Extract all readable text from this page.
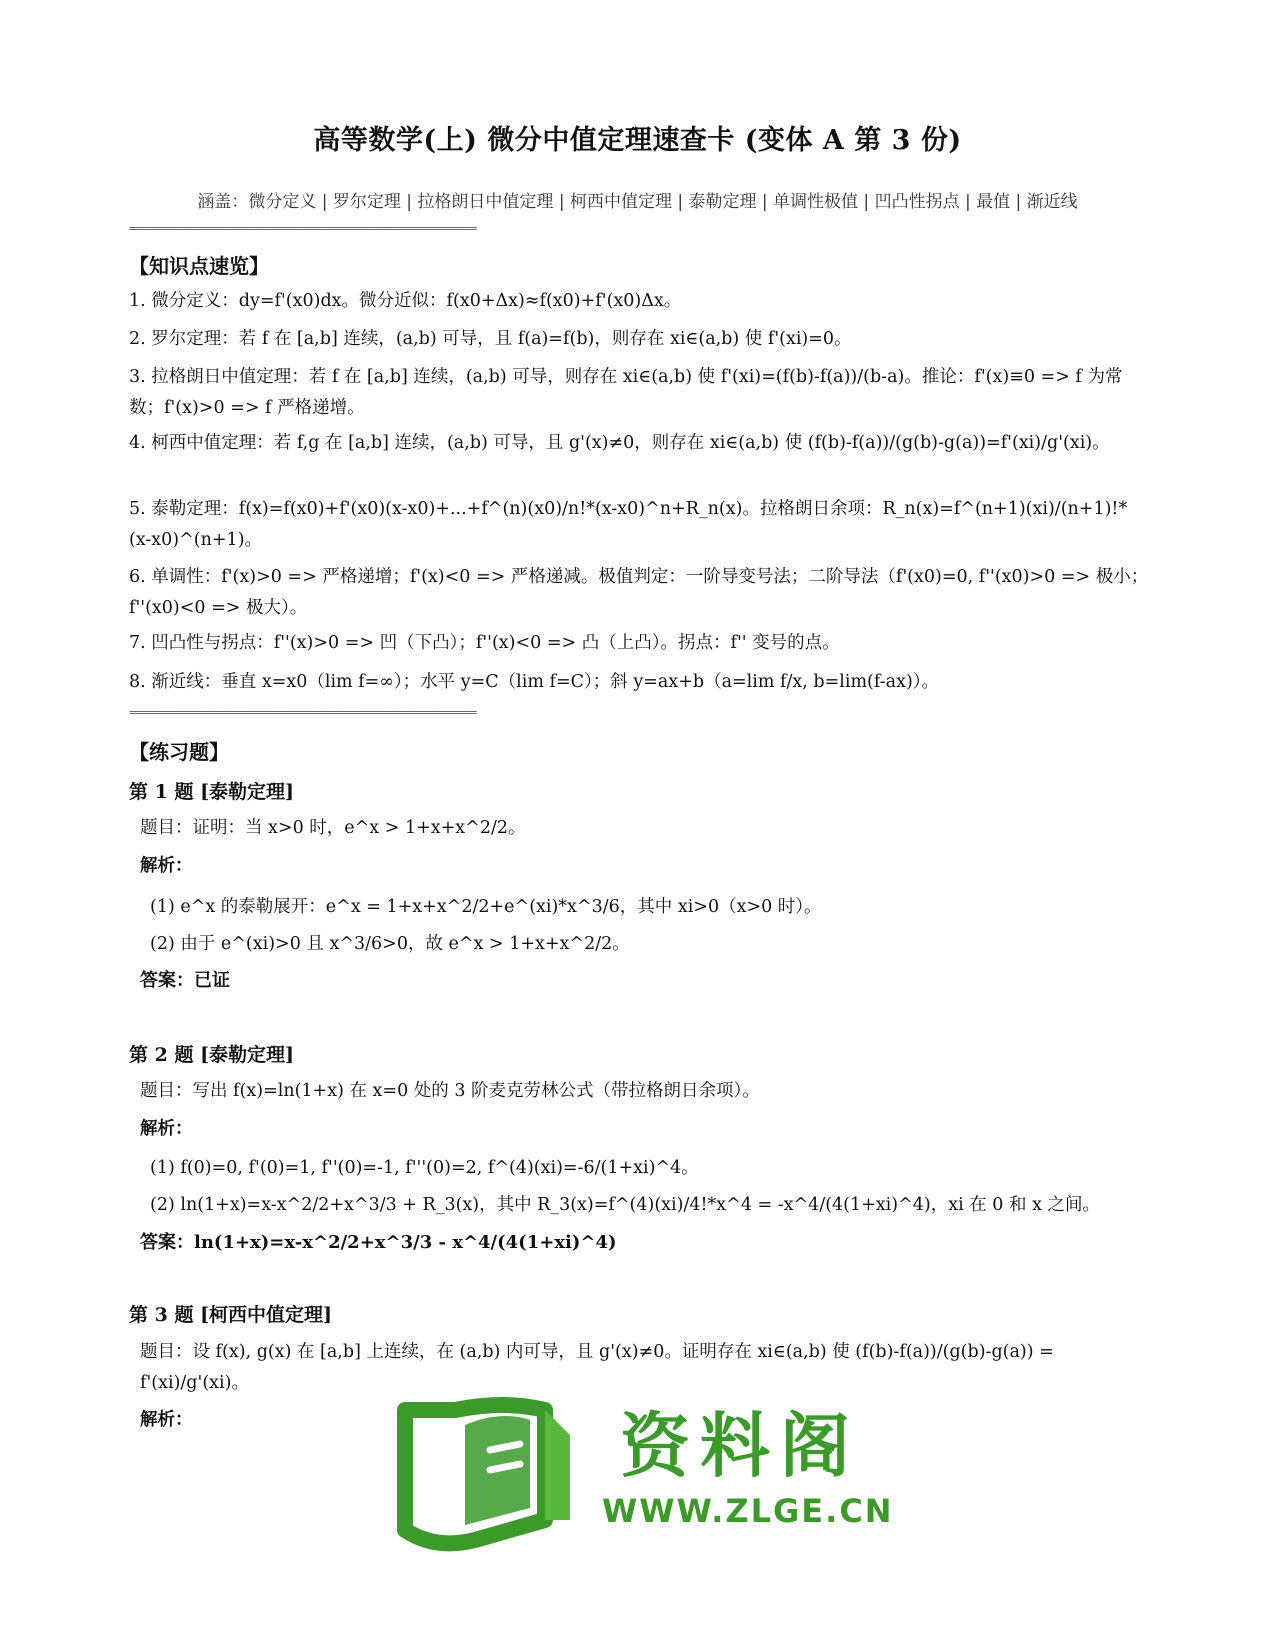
高等数学(上) 微分中值定理速查卡 (变体 A 第 3 份)
涵盖：微分定义 | 罗尔定理 | 拉格朗日中值定理 | 柯西中值定理 | 泰勒定理 | 单调性极值 | 凹凸性拐点 | 最值 | 渐近线
================================================================
【知识点速览】
1. 微分定义：dy=f'(x0)dx。微分近似：f(x0+Δx)≈f(x0)+f'(x0)Δx。
2. 罗尔定理：若 f 在 [a,b] 连续，(a,b) 可导，且 f(a)=f(b)，则存在 xi∈(a,b) 使 f'(xi)=0。
3. 拉格朗日中值定理：若 f 在 [a,b] 连续，(a,b) 可导，则存在 xi∈(a,b) 使 f'(xi)=(f(b)-f(a))/(b-a)。推论：f'(x)≡0 => f 为常数；f'(x)>0 => f 严格递增。
4. 柯西中值定理：若 f,g 在 [a,b] 连续，(a,b) 可导，且 g'(x)≠0，则存在 xi∈(a,b) 使 (f(b)-f(a))/(g(b)-g(a))=f'(xi)/g'(xi)。
5. 泰勒定理：f(x)=f(x0)+f'(x0)(x-x0)+...+f^(n)(x0)/n!*(x-x0)^n+R_n(x)。拉格朗日余项：R_n(x)=f^(n+1)(xi)/(n+1)!*(x-x0)^(n+1)。
6. 单调性：f'(x)>0 => 严格递增；f'(x)<0 => 严格递减。极值判定：一阶导变号法；二阶导法（f'(x0)=0, f''(x0)>0 => 极小；f''(x0)<0 => 极大）。
7. 凹凸性与拐点：f''(x)>0 => 凹（下凸）；f''(x)<0 => 凸（上凸）。拐点：f'' 变号的点。
8. 渐近线：垂直 x=x0（lim f=∞）；水平 y=C（lim f=C）；斜 y=ax+b（a=lim f/x, b=lim(f-ax)）。
================================================================
【练习题】
第 1 题 [泰勒定理]
题目：证明：当 x>0 时，e^x > 1+x+x^2/2。
解析：
(1) e^x 的泰勒展开：e^x = 1+x+x^2/2+e^(xi)*x^3/6，其中 xi>0（x>0 时）。
(2) 由于 e^(xi)>0 且 x^3/6>0，故 e^x > 1+x+x^2/2。
答案：已证
第 2 题 [泰勒定理]
题目：写出 f(x)=ln(1+x) 在 x=0 处的 3 阶麦克劳林公式（带拉格朗日余项）。
解析：
(1) f(0)=0, f'(0)=1, f''(0)=-1, f'''(0)=2, f^(4)(xi)=-6/(1+xi)^4。
(2) ln(1+x)=x-x^2/2+x^3/3 + R_3(x)，其中 R_3(x)=f^(4)(xi)/4!*x^4 = -x^4/(4(1+xi)^4)，xi 在 0 和 x 之间。
答案：ln(1+x)=x-x^2/2+x^3/3 - x^4/(4(1+xi)^4)
第 3 题 [柯西中值定理]
题目：设 f(x), g(x) 在 [a,b] 上连续，在 (a,b) 内可导，且 g'(x)≠0。证明存在 xi∈(a,b) 使 (f(b)-f(a))/(g(b)-g(a)) = f'(xi)/g'(xi)。
解析：	资料阁
WWW.ZLGE.CN
